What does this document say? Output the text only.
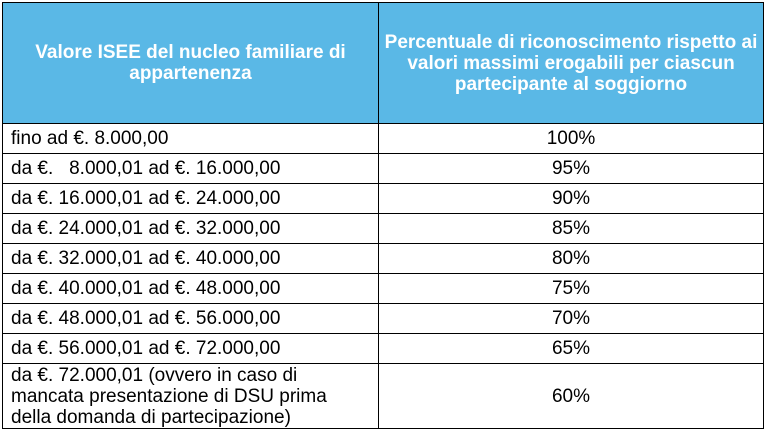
Valore ISEE del nucleo familiare di appartenenza	Percentuale di riconoscimento rispetto ai valori massimi erogabili per ciascun partecipante al soggiorno
fino ad €. 8.000,00	100%
da €.   8.000,01 ad €. 16.000,00	95%
da €. 16.000,01 ad €. 24.000,00	90%
da €. 24.000,01 ad €. 32.000,00	85%
da €. 32.000,01 ad €. 40.000,00	80%
da €. 40.000,01 ad €. 48.000,00	75%
da €. 48.000,01 ad €. 56.000,00	70%
da €. 56.000,01 ad €. 72.000,00	65%
da €. 72.000,01 (ovvero in caso di mancata presentazione di DSU prima della domanda di partecipazione)	60%
